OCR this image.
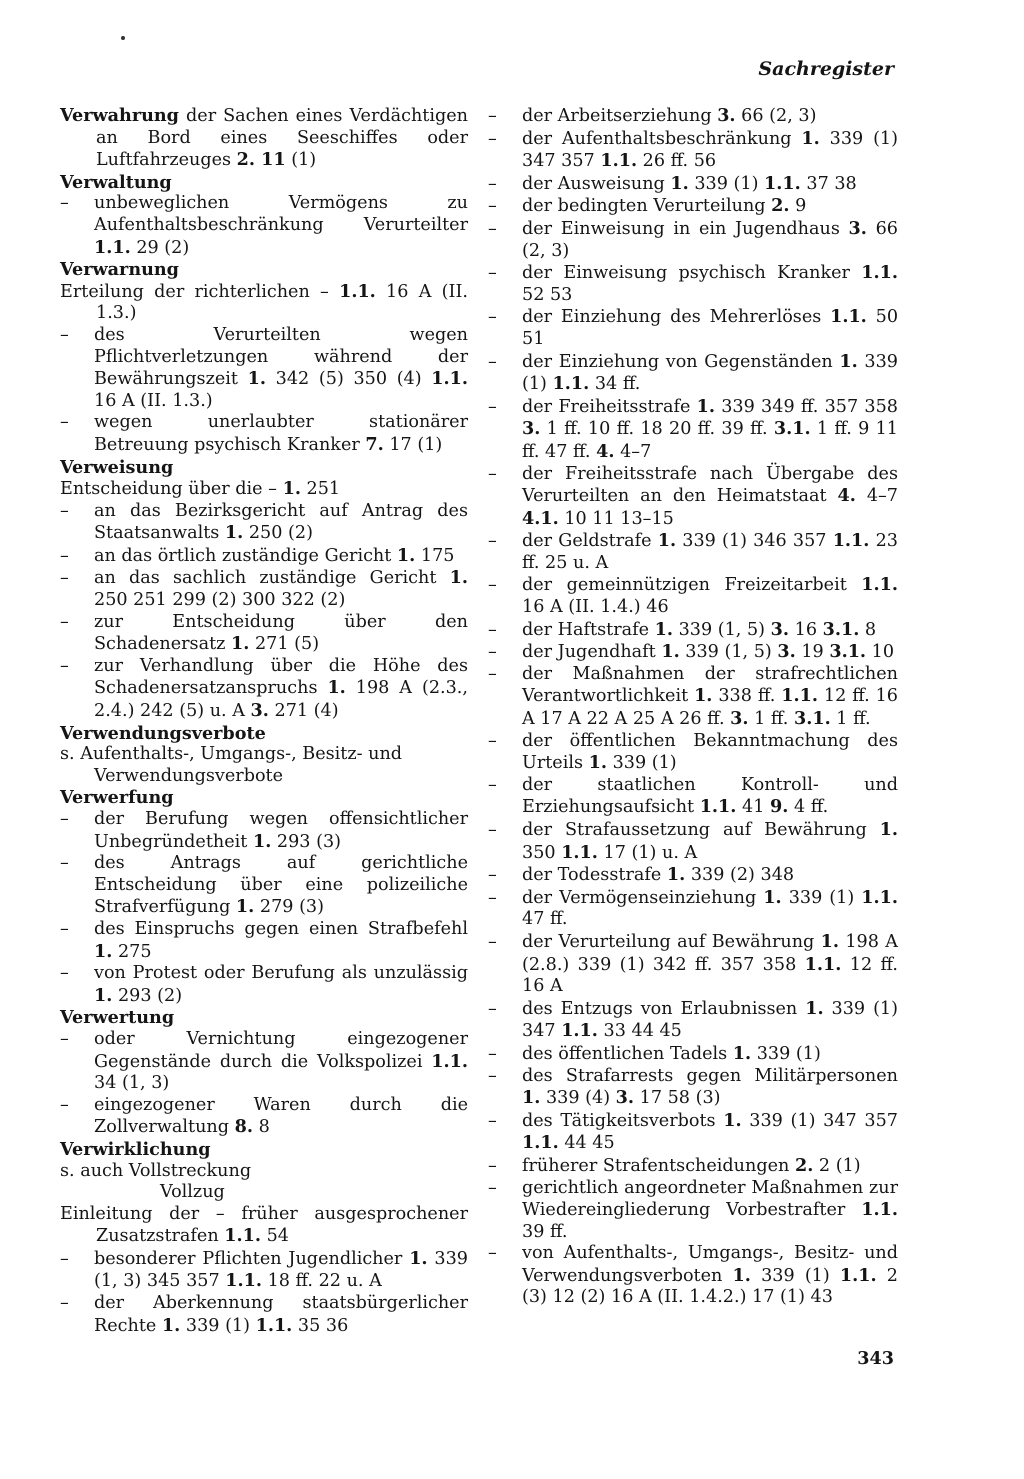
Sachregister

Verwahrung der Sachen eines Verdächtigen an Bord eines Seeschiffes oder Luftfahrzeuges 2. 11 (1)

Verwaltung

– unbeweglichen Vermögens zu Aufenthaltsbeschränkung Verurteilter 1.1. 29 (2)

Verwarnung

Erteilung der richterlichen – 1.1. 16 A (II. 1.3.)

– des Verurteilten wegen Pflichtverletzungen während der Bewährungszeit 1. 342 (5) 350 (4) 1.1. 16 A (II. 1.3.)

– wegen unerlaubter stationärer Betreuung psychisch Kranker 7. 17 (1)

Verweisung

Entscheidung über die – 1. 251

– an das Bezirksgericht auf Antrag des Staatsanwalts 1. 250 (2)

– an das örtlich zuständige Gericht 1. 175

– an das sachlich zuständige Gericht 1. 250 251 299 (2) 300 322 (2)

– zur Entscheidung über den Schadenersatz 1. 271 (5)

– zur Verhandlung über die Höhe des Schadenersatzanspruchs 1. 198 A (2.3., 2.4.) 242 (5) u. A 3. 271 (4)

Verwendungsverbote

s. Aufenthalts-, Umgangs-, Besitz- und Verwendungsverbote

Verwerfung

– der Berufung wegen offensichtlicher Unbegründetheit 1. 293 (3)

– des Antrags auf gerichtliche Entscheidung über eine polizeiliche Strafverfügung 1. 279 (3)

– des Einspruchs gegen einen Strafbefehl 1. 275

– von Protest oder Berufung als unzulässig 1. 293 (2)

Verwertung

– oder Vernichtung eingezogener Gegenstände durch die Volkspolizei 1.1. 34 (1, 3)

– eingezogener Waren durch die Zollverwaltung 8. 8

Verwirklichung

s. auch Vollstreckung

Vollzug

Einleitung der – früher ausgesprochener Zusatzstrafen 1.1. 54

– besonderer Pflichten Jugendlicher 1. 339 (1, 3) 345 357 1.1. 18 ff. 22 u. A

– der Aberkennung staatsbürgerlicher Rechte 1. 339 (1) 1.1. 35 36

– der Arbeitserziehung 3. 66 (2, 3)

– der Aufenthaltsbeschränkung 1. 339 (1) 347 357 1.1. 26 ff. 56

– der Ausweisung 1. 339 (1) 1.1. 37 38

– der bedingten Verurteilung 2. 9

– der Einweisung in ein Jugendhaus 3. 66 (2, 3)

– der Einweisung psychisch Kranker 1.1. 52 53

– der Einziehung des Mehrerlöses 1.1. 50 51

– der Einziehung von Gegenständen 1. 339 (1) 1.1. 34 ff.

– der Freiheitsstrafe 1. 339 349 ff. 357 358 3. 1 ff. 10 ff. 18 20 ff. 39 ff. 3.1. 1 ff. 9 11 ff. 47 ff. 4. 4–7

– der Freiheitsstrafe nach Übergabe des Verurteilten an den Heimatstaat 4. 4–7 4.1. 10 11 13–15

– der Geldstrafe 1. 339 (1) 346 357 1.1. 23 ff. 25 u. A

– der gemeinnützigen Freizeitarbeit 1.1. 16 A (II. 1.4.) 46

– der Haftstrafe 1. 339 (1, 5) 3. 16 3.1. 8

– der Jugendhaft 1. 339 (1, 5) 3. 19 3.1. 10

– der Maßnahmen der strafrechtlichen Verantwortlichkeit 1. 338 ff. 1.1. 12 ff. 16 A 17 A 22 A 25 A 26 ff. 3. 1 ff. 3.1. 1 ff.

– der öffentlichen Bekanntmachung des Urteils 1. 339 (1)

– der staatlichen Kontroll- und Erziehungsaufsicht 1.1. 41 9. 4 ff.

– der Strafaussetzung auf Bewährung 1. 350 1.1. 17 (1) u. A

– der Todesstrafe 1. 339 (2) 348

– der Vermögenseinziehung 1. 339 (1) 1.1. 47 ff.

– der Verurteilung auf Bewährung 1. 198 A (2.8.) 339 (1) 342 ff. 357 358 1.1. 12 ff. 16 A

– des Entzugs von Erlaubnissen 1. 339 (1) 347 1.1. 33 44 45

– des öffentlichen Tadels 1. 339 (1)

– des Strafarrests gegen Militärpersonen 1. 339 (4) 3. 17 58 (3)

– des Tätigkeitsverbots 1. 339 (1) 347 357 1.1. 44 45

– früherer Strafentscheidungen 2. 2 (1)

– gerichtlich angeordneter Maßnahmen zur Wiedereingliederung Vorbestrafter 1.1. 39 ff.

– von Aufenthalts-, Umgangs-, Besitz- und Verwendungsverboten 1. 339 (1) 1.1. 2 (3) 12 (2) 16 A (II. 1.4.2.) 17 (1) 43

343
